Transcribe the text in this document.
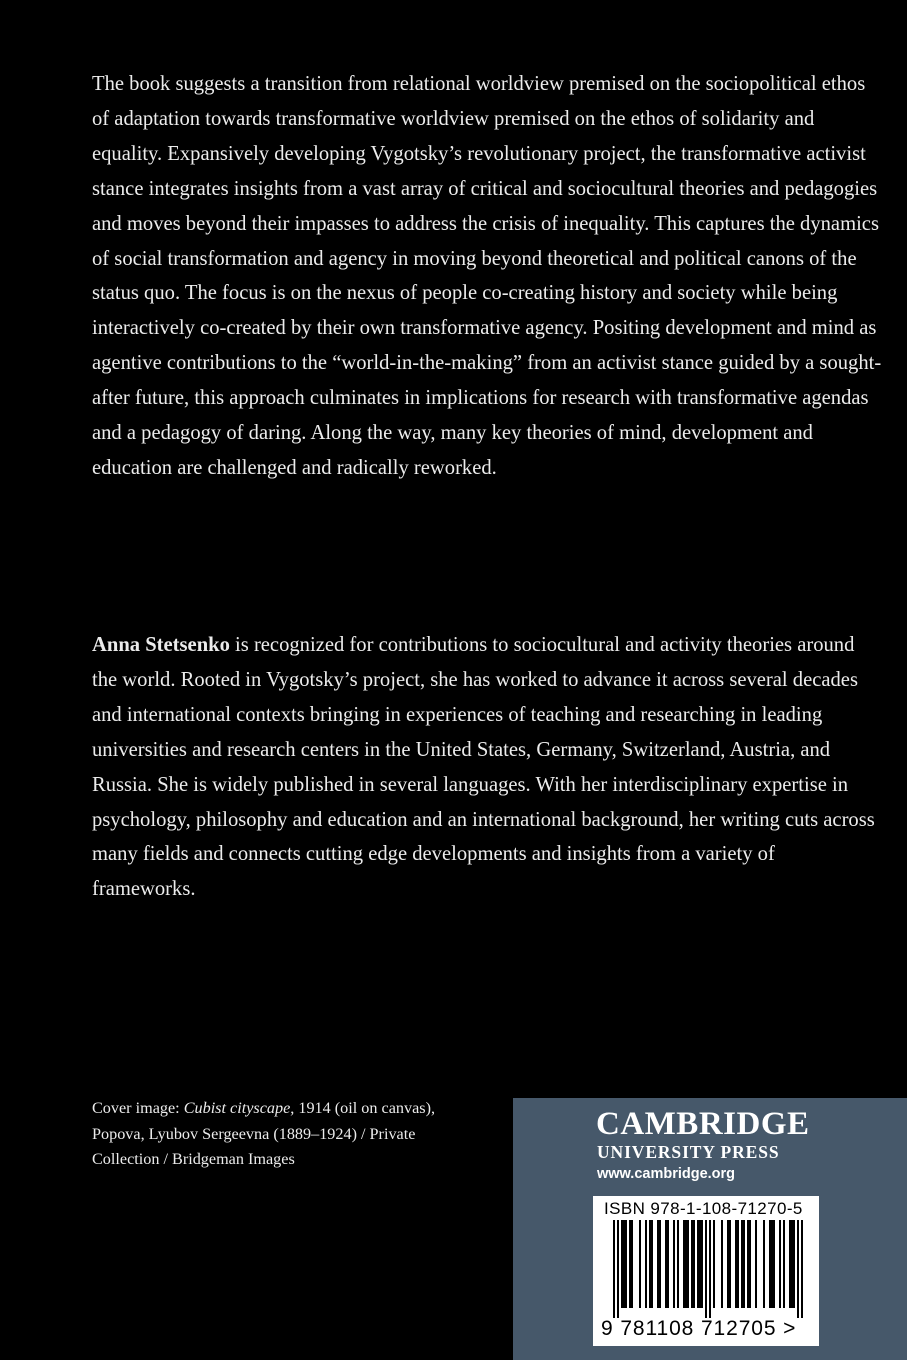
The book suggests a transition from relational worldview premised on the sociopolitical ethos of adaptation towards transformative worldview premised on the ethos of solidarity and equality. Expansively developing Vygotsky’s revolutionary project, the transformative activist stance integrates insights from a vast array of critical and sociocultural theories and pedagogies and moves beyond their impasses to address the crisis of inequality. This captures the dynamics of social transformation and agency in moving beyond theoretical and political canons of the status quo. The focus is on the nexus of people co-creating history and society while being interactively co-created by their own transformative agency. Positing development and mind as agentive contributions to the “world-in-the-making” from an activist stance guided by a sought-after future, this approach culminates in implications for research with transformative agendas and a pedagogy of daring. Along the way, many key theories of mind, development and education are challenged and radically reworked.

Anna Stetsenko is recognized for contributions to sociocultural and activity theories around the world. Rooted in Vygotsky’s project, she has worked to advance it across several decades and international contexts bringing in experiences of teaching and researching in leading universities and research centers in the United States, Germany, Switzerland, Austria, and Russia. She is widely published in several languages. With her interdisciplinary expertise in psychology, philosophy and education and an international background, her writing cuts across many fields and connects cutting edge developments and insights from a variety of frameworks.

Cover image: Cubist cityscape, 1914 (oil on canvas), Popova, Lyubov Sergeevna (1889–1924) / Private Collection / Bridgeman Images

CAMBRIDGE
UNIVERSITY PRESS
www.cambridge.org
ISBN 978-1-108-71270-5
9 781108 712705 >
